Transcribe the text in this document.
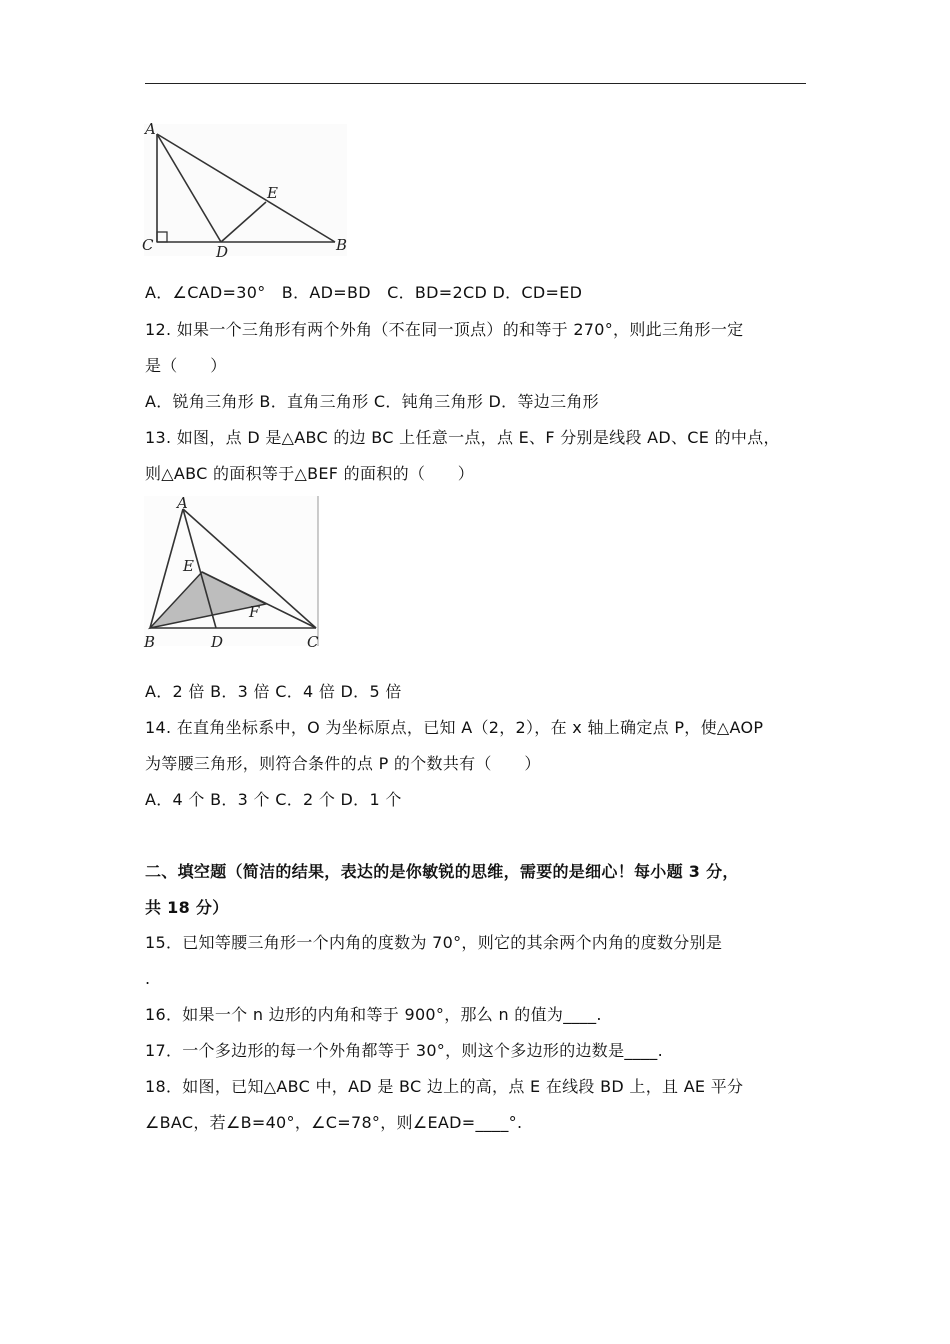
A
C	D
E
B
A．∠CAD=30°　B．AD=BD　C．BD=2CD D．CD=ED
12. 如果一个三角形有两个外角（不在同一顶点）的和等于 270°，则此三角形一定
是（　　）
A．锐角三角形 B．直角三角形 C．钝角三角形 D．等边三角形
13. 如图，点 D 是△ABC 的边 BC 上任意一点，点 E、F 分别是线段 AD、CE 的中点，
则△ABC 的面积等于△BEF 的面积的（　　）
A
E
F
B	D	C
A．2 倍 B．3 倍 C．4 倍 D．5 倍
14. 在直角坐标系中，O 为坐标原点，已知 A（2，2），在 x 轴上确定点 P，使△AOP
为等腰三角形，则符合条件的点 P 的个数共有（　　）
A．4 个 B．3 个 C．2 个 D．1 个
二、填空题（简洁的结果，表达的是你敏锐的思维，需要的是细心！每小题 3 分，
共 18 分）
15．已知等腰三角形一个内角的度数为 70°，则它的其余两个内角的度数分别是
.
16．如果一个 n 边形的内角和等于 900°，那么 n 的值为____.
17．一个多边形的每一个外角都等于 30°，则这个多边形的边数是____.
18．如图，已知△ABC 中，AD 是 BC 边上的高，点 E 在线段 BD 上，且 AE 平分
∠BAC，若∠B=40°，∠C=78°，则∠EAD=____°.
